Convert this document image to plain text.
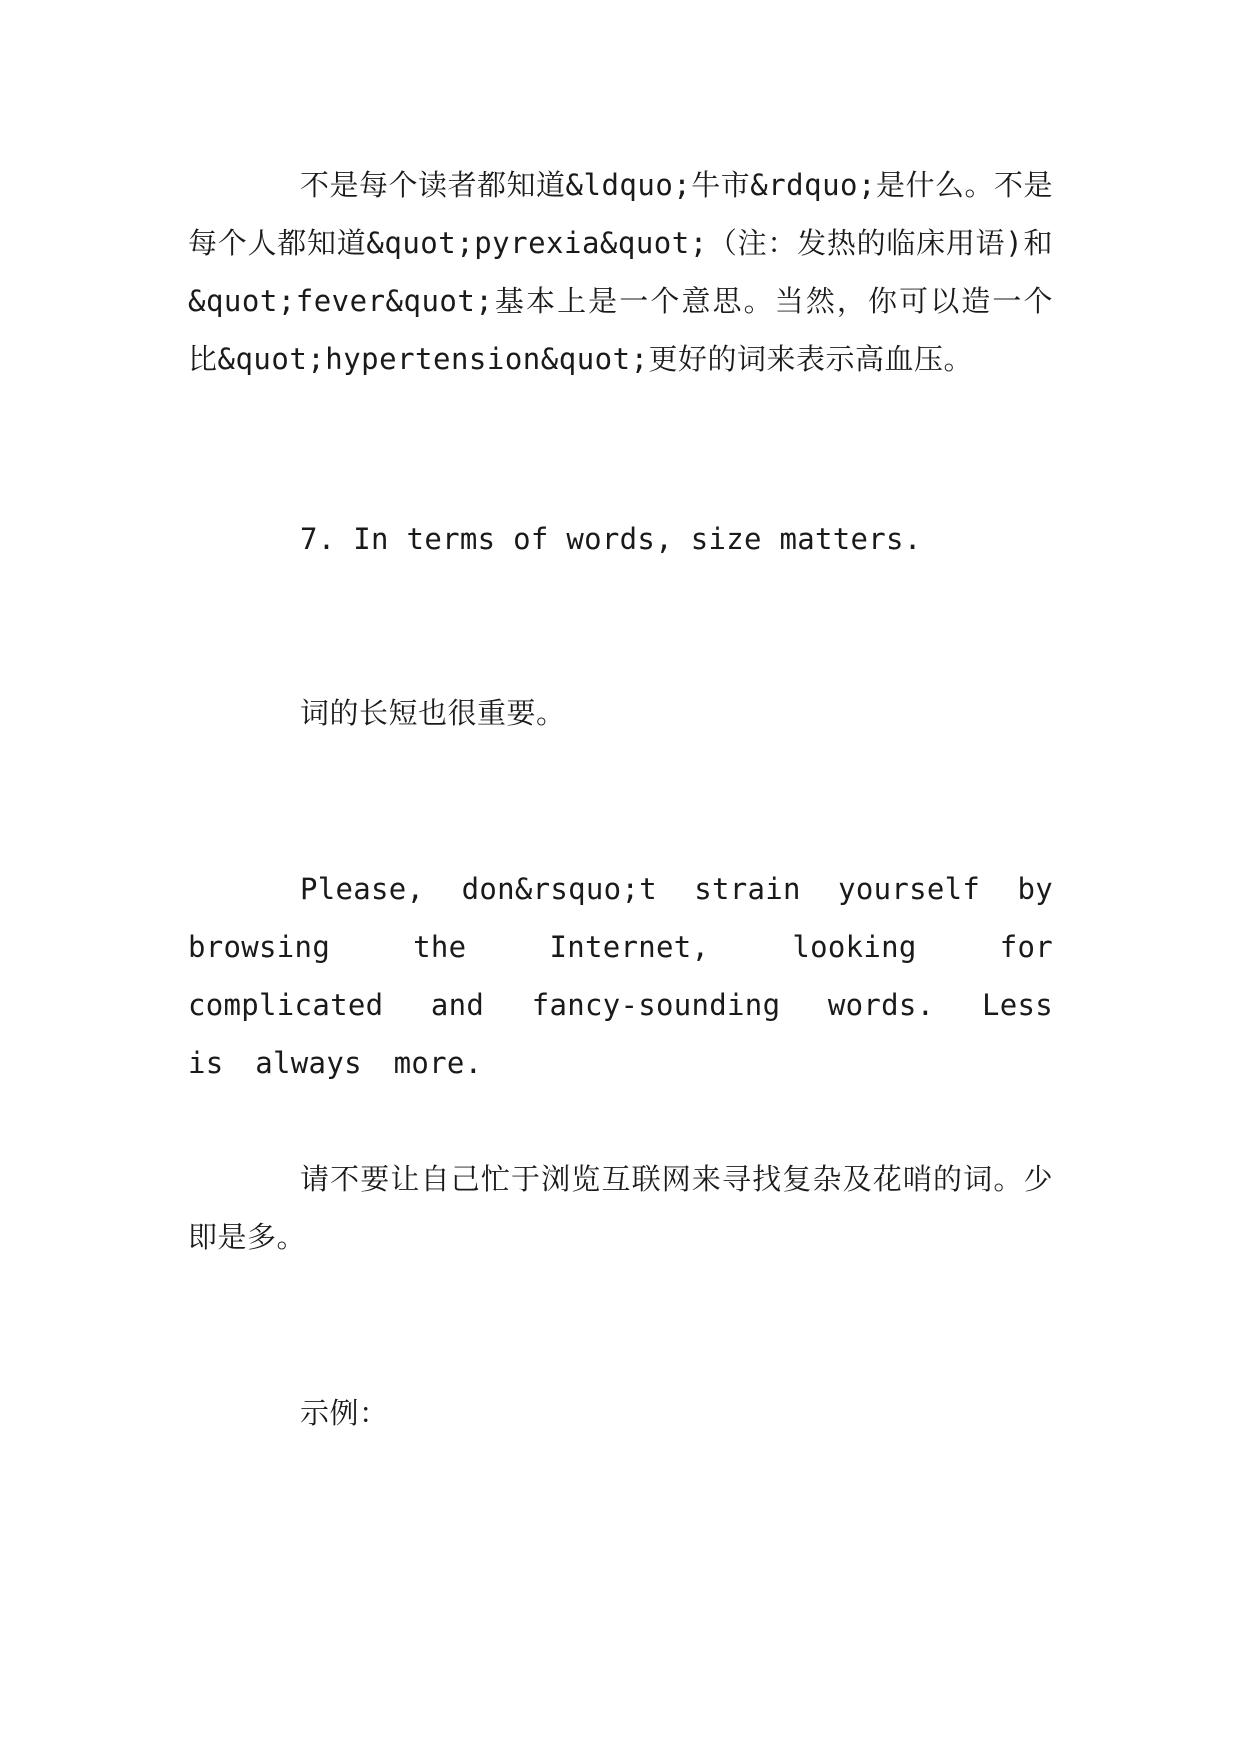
不是每个读者都知道&ldquo;牛市&rdquo;是什么。不是每个人都知道&quot;pyrexia&quot;（注：发热的临床用语)和&quot;fever&quot;基本上是一个意思。当然，你可以造一个比&quot;hypertension&quot;更好的词来表示高血压。

7. In terms of words, size matters.

词的长短也很重要。

Please, don&rsquo;t strain yourself by browsing the Internet, looking for complicated and fancy-sounding words. Less is always more.

请不要让自己忙于浏览互联网来寻找复杂及花哨的词。少即是多。

示例：
